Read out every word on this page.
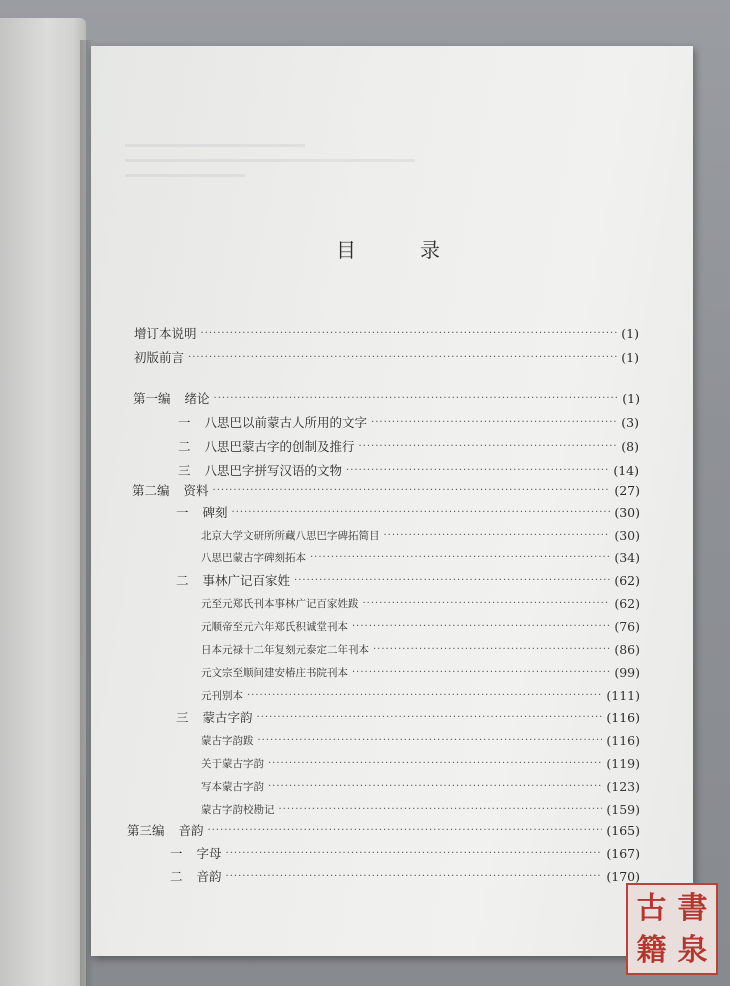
目　录
增订本说明 ·····	(1)
初版前言 ·····	(1)
第一编 绪论 ·····	(1)
一 八思巴以前蒙古人所用的文字 ·····	(3)
二 八思巴蒙古字的创制及推行 ·····	(8)
三 八思巴字拼写汉语的文物 ·····	(14)
第二编 资料 ·····	(27)
一 碑刻 ·····	(30)
北京大学文研所所藏八思巴字碑拓简目 ·····	(30)
八思巴蒙古字碑刻拓本 ·····	(34)
二 事林广记百家姓 ·····	(62)
元至元郑氏刊本事林广记百家姓跋 ·····	(62)
元顺帝至元六年郑氏积诚堂刊本 ·····	(76)
日本元禄十二年复刻元泰定二年刊本 ·····	(86)
元文宗至顺间建安椿庄书院刊本 ·····	(99)
元刊别本 ·····	(111)
三 蒙古字韵 ·····	(116)
蒙古字韵跋 ·····	(116)
关于蒙古字韵 ·····	(119)
写本蒙古字韵 ·····	(123)
蒙古字韵校勘记 ·····	(159)
第三编 音韵 ·····	(165)
一 字母 ·····	(167)
二 音韵 ·····	(170)
古 書
籍 泉
